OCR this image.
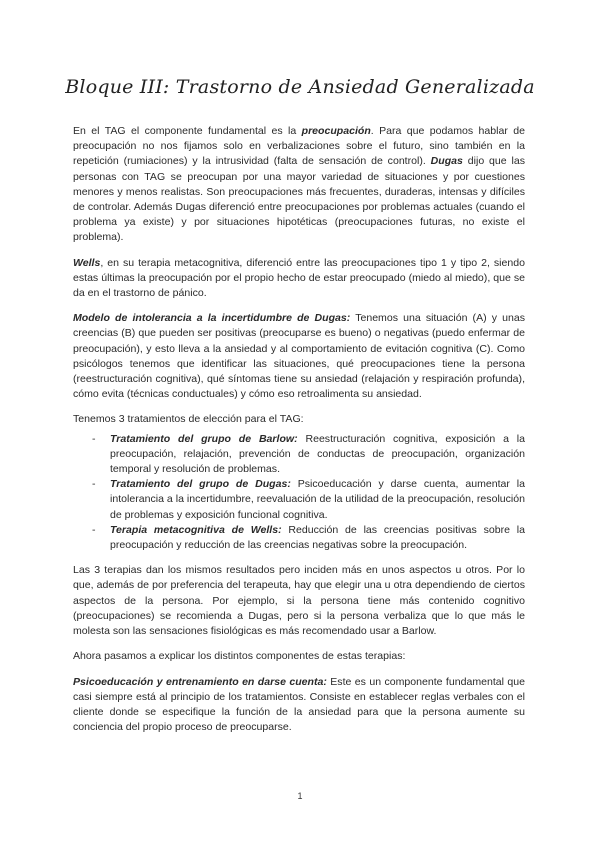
Bloque III: Trastorno de Ansiedad Generalizada

En el TAG el componente fundamental es la preocupación. Para que podamos hablar de preocupación no nos fijamos solo en verbalizaciones sobre el futuro, sino también en la repetición (rumiaciones) y la intrusividad (falta de sensación de control). Dugas dijo que las personas con TAG se preocupan por una mayor variedad de situaciones y por cuestiones menores y menos realistas. Son preocupaciones más frecuentes, duraderas, intensas y difíciles de controlar. Además Dugas diferenció entre preocupaciones por problemas actuales (cuando el problema ya existe) y por situaciones hipotéticas (preocupaciones futuras, no existe el problema).

Wells, en su terapia metacognitiva, diferenció entre las preocupaciones tipo 1 y tipo 2, siendo estas últimas la preocupación por el propio hecho de estar preocupado (miedo al miedo), que se da en el trastorno de pánico.

Modelo de intolerancia a la incertidumbre de Dugas: Tenemos una situación (A) y unas creencias (B) que pueden ser positivas (preocuparse es bueno) o negativas (puedo enfermar de preocupación), y esto lleva a la ansiedad y al comportamiento de evitación cognitiva (C). Como psicólogos tenemos que identificar las situaciones, qué preocupaciones tiene la persona (reestructuración cognitiva), qué síntomas tiene su ansiedad (relajación y respiración profunda), cómo evita (técnicas conductuales) y cómo eso retroalimenta su ansiedad.

Tenemos 3 tratamientos de elección para el TAG:

- Tratamiento del grupo de Barlow: Reestructuración cognitiva, exposición a la preocupación, relajación, prevención de conductas de preocupación, organización temporal y resolución de problemas.
- Tratamiento del grupo de Dugas: Psicoeducación y darse cuenta, aumentar la intolerancia a la incertidumbre, reevaluación de la utilidad de la preocupación, resolución de problemas y exposición funcional cognitiva.
- Terapia metacognitiva de Wells: Reducción de las creencias positivas sobre la preocupación y reducción de las creencias negativas sobre la preocupación.

Las 3 terapias dan los mismos resultados pero inciden más en unos aspectos u otros. Por lo que, además de por preferencia del terapeuta, hay que elegir una u otra dependiendo de ciertos aspectos de la persona. Por ejemplo, si la persona tiene más contenido cognitivo (preocupaciones) se recomienda a Dugas, pero si la persona verbaliza que lo que más le molesta son las sensaciones fisiológicas es más recomendado usar a Barlow.

Ahora pasamos a explicar los distintos componentes de estas terapias:

Psicoeducación y entrenamiento en darse cuenta: Este es un componente fundamental que casi siempre está al principio de los tratamientos. Consiste en establecer reglas verbales con el cliente donde se especifique la función de la ansiedad para que la persona aumente su conciencia del propio proceso de preocuparse.

1
